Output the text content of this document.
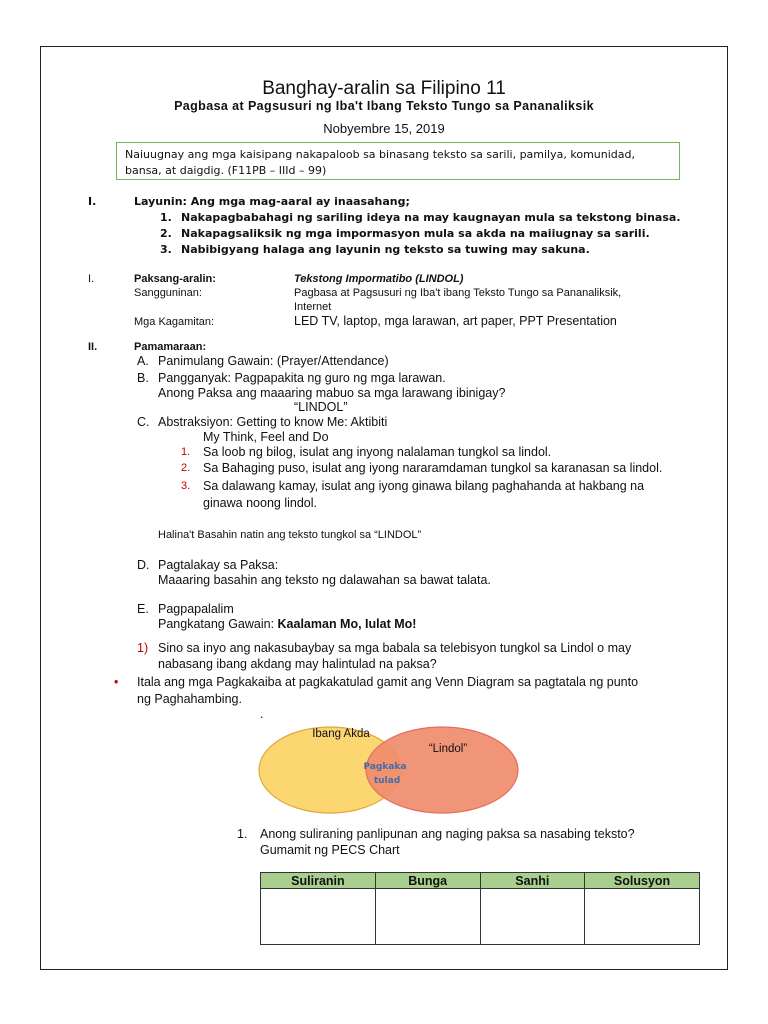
Banghay-aralin sa Filipino 11
Pagbasa at Pagsusuri ng Iba't Ibang Teksto Tungo sa Pananaliksik
Nobyembre 15, 2019
Naiuugnay ang mga kaisipang nakapaloob sa binasang teksto sa sarili, pamilya, komunidad, bansa, at daigdig. (F11PB – IIId – 99)
I.	Layunin: Ang mga mag-aaral ay inaasahang;
1. Nakapagbabahagi ng sariling ideya na may kaugnayan mula sa tekstong binasa.
2. Nakapagsaliksik ng mga impormasyon mula sa akda na maiiugnay sa sarili.
3. Nabibigyang halaga ang layunin ng teksto sa tuwing may sakuna.
I.	Paksang-aralin:	Tekstong Impormatibo (LINDOL)
Sangguninan:	Pagbasa at Pagsusuri ng Iba't ibang Teksto Tungo sa Pananaliksik,
Internet
Mga Kagamitan:	LED TV, laptop, mga larawan, art paper, PPT Presentation
II.	Pamamaraan:
A. Panimulang Gawain: (Prayer/Attendance)
B. Pangganyak: Pagpapakita ng guro ng mga larawan.
Anong Paksa ang maaaring mabuo sa mga larawang ibinigay?
“LINDOL”
C. Abstraksiyon: Getting to know Me: Aktibiti
My Think, Feel and Do
1. Sa loob ng bilog, isulat ang inyong nalalaman tungkol sa lindol.
2. Sa Bahaging puso, isulat ang iyong nararamdaman tungkol sa karanasan sa lindol.
3. Sa dalawang kamay, isulat ang iyong ginawa bilang paghahanda at hakbang na
ginawa noong lindol.
Halina't Basahin natin ang teksto tungkol sa “LINDOL”
D. Pagtalakay sa Paksa:
Maaaring basahin ang teksto ng dalawahan sa bawat talata.
E. Pagpapalalim
Pangkatang Gawain: Kaalaman Mo, Iulat Mo!
1) Sino sa inyo ang nakasubaybay sa mga babala sa telebisyon tungkol sa Lindol o may
nabasang ibang akdang may halintulad na paksa?
• Itala ang mga Pagkakaiba at pagkakatulad gamit ang Venn Diagram sa pagtatala ng punto
ng Paghahambing.
.
Ibang Akda
“Lindol”
Pagkaka
tulad
1. Anong suliraning panlipunan ang naging paksa sa nasabing teksto?
Gumamit ng PECS Chart
Suliranin	Bunga	Sanhi	Solusyon
